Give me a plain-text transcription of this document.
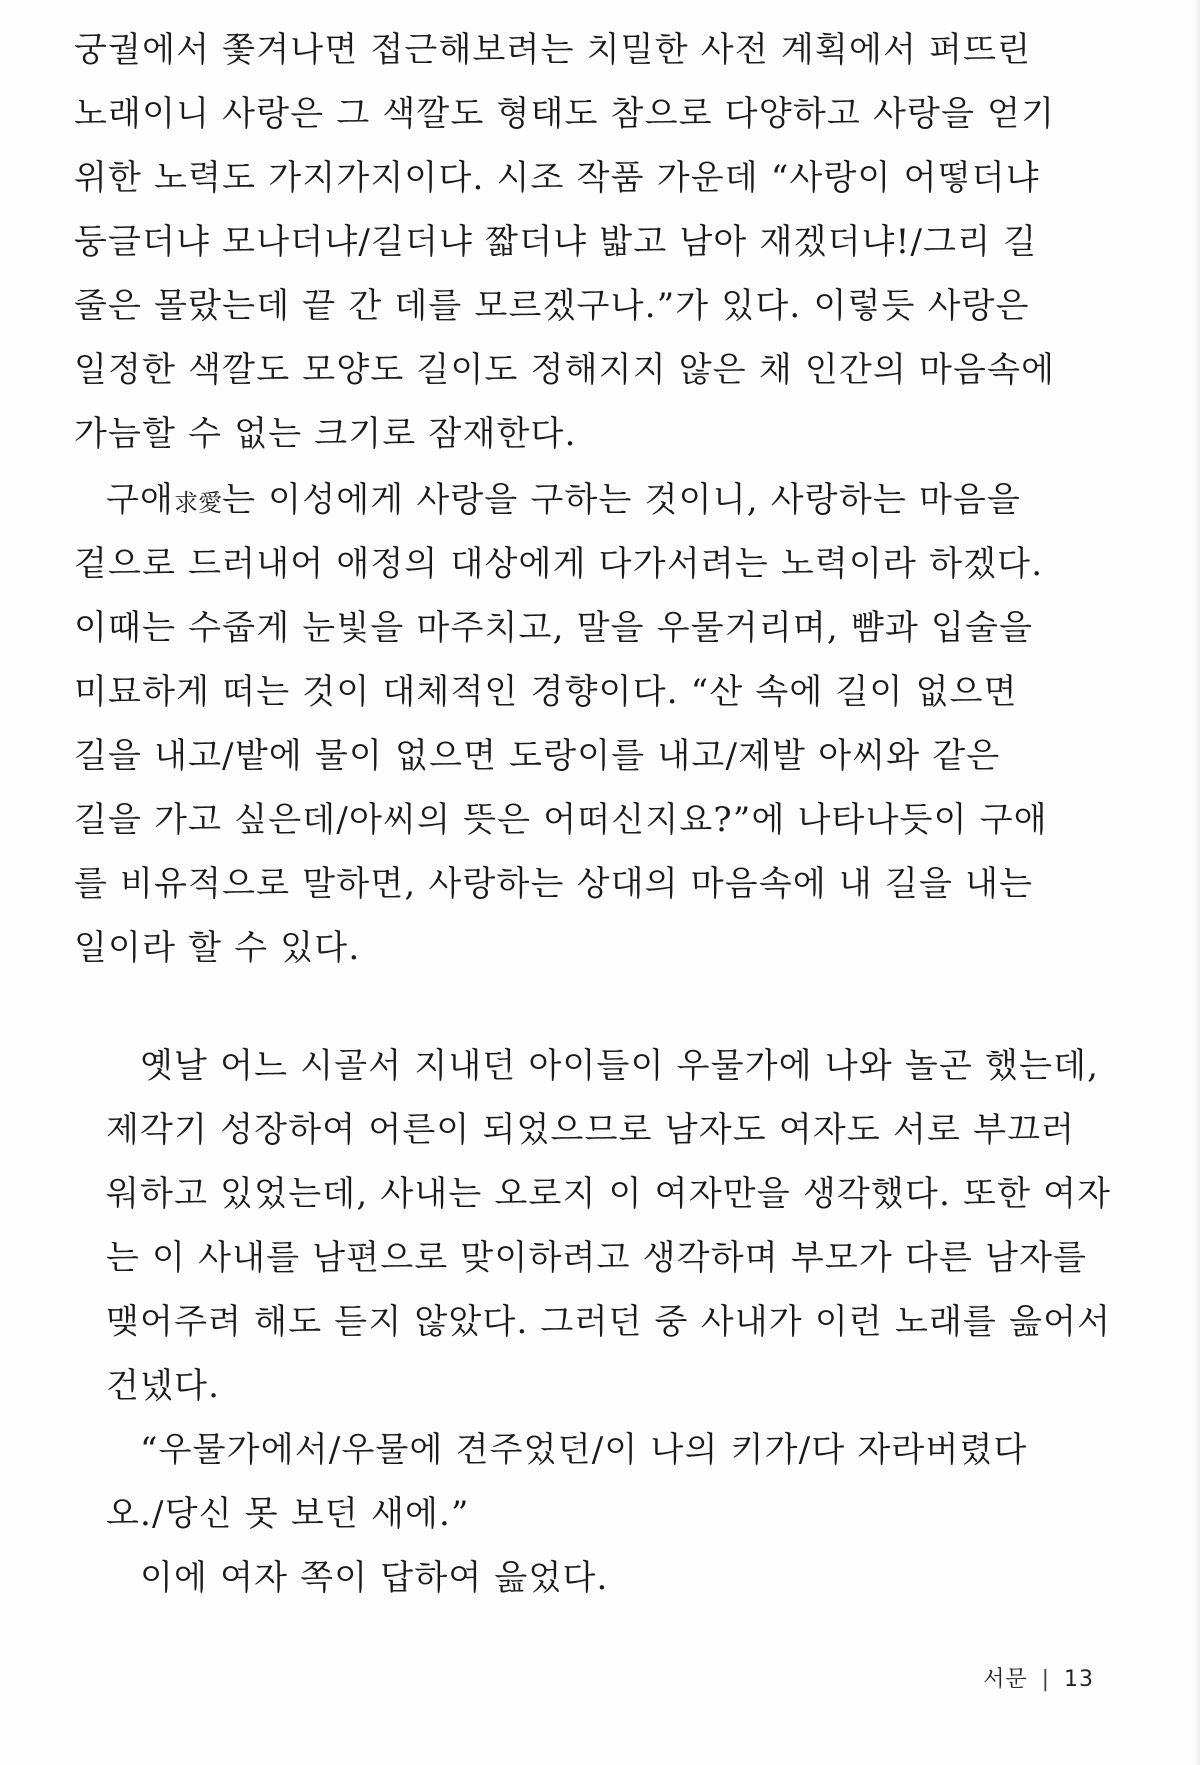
궁궐에서 쫓겨나면 접근해보려는 치밀한 사전 계획에서 퍼뜨린
노래이니 사랑은 그 색깔도 형태도 참으로 다양하고 사랑을 얻기
위한 노력도 가지가지이다. 시조 작품 가운데 “사랑이 어떻더냐
둥글더냐 모나더냐/길더냐 짧더냐 밟고 남아 재겠더냐!/그리 길
줄은 몰랐는데 끝 간 데를 모르겠구나.”가 있다. 이렇듯 사랑은
일정한 색깔도 모양도 길이도 정해지지 않은 채 인간의 마음속에
가늠할 수 없는 크기로 잠재한다.
구애求愛는 이성에게 사랑을 구하는 것이니, 사랑하는 마음을
겉으로 드러내어 애정의 대상에게 다가서려는 노력이라 하겠다.
이때는 수줍게 눈빛을 마주치고, 말을 우물거리며, 뺨과 입술을
미묘하게 떠는 것이 대체적인 경향이다. “산 속에 길이 없으면
길을 내고/밭에 물이 없으면 도랑이를 내고/제발 아씨와 같은
길을 가고 싶은데/아씨의 뜻은 어떠신지요?”에 나타나듯이 구애
를 비유적으로 말하면, 사랑하는 상대의 마음속에 내 길을 내는
일이라 할 수 있다.
옛날 어느 시골서 지내던 아이들이 우물가에 나와 놀곤 했는데,
제각기 성장하여 어른이 되었으므로 남자도 여자도 서로 부끄러
워하고 있었는데, 사내는 오로지 이 여자만을 생각했다. 또한 여자
는 이 사내를 남편으로 맞이하려고 생각하며 부모가 다른 남자를
맺어주려 해도 듣지 않았다. 그러던 중 사내가 이런 노래를 읊어서
건넸다.
“우물가에서/우물에 견주었던/이 나의 키가/다 자라버렸다
오./당신 못 보던 새에.”
이에 여자 쪽이 답하여 읊었다.
서문 | 13
